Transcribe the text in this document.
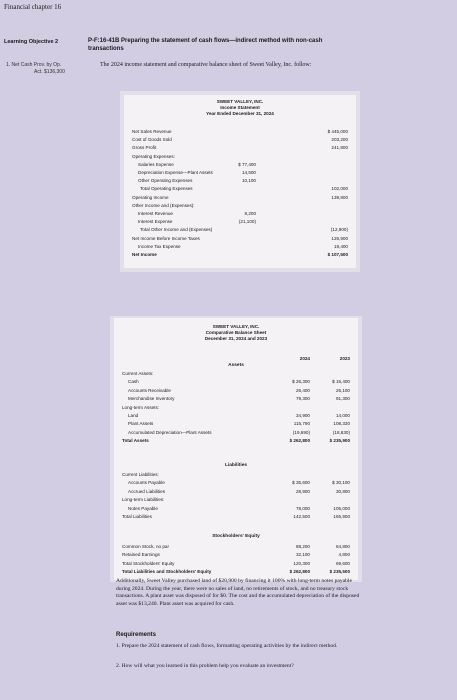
Financial chapter 16
Learning Objective 2	P-F:16-41B Preparing the statement of cash flows—indirect method with non-cash transactions
1. Net Cash Prov. by Op.
Act. $136,300
The 2024 income statement and comparative balance sheet of Sweet Valley, Inc. follow:
SWEET VALLEY, INC.
Income Statement
Year Ended December 31, 2024
Net Sales Revenue	$ 445,000
Cost of Goods Sold	203,200
Gross Profit	241,800
Operating Expenses:
Salaries Expense	$ 77,400
Depreciation Expense—Plant Assets	14,500
Other Operating Expenses	10,100
Total Operating Expenses	102,000
Operating Income	139,800
Other Income and (Expenses):
Interest Revenue	8,200
Interest Expense	(21,100)
Total Other Income and (Expenses)	(12,900)
Net Income Before Income Taxes	126,900
Income Tax Expense	19,400
Net Income	$ 107,500
SWEET VALLEY, INC.
Comparative Balance Sheet
December 31, 2024 and 2023
2024	2023
Assets
Current Assets:
Cash	$ 26,300	$ 15,400
Accounts Receivable	26,400	25,100
Merchandise Inventory	79,300	91,300
Long-term Assets:
Land	34,900	14,000
Plant Assets	115,790	108,330
Accumulated Depreciation—Plant Assets	(19,690)	(18,630)
Total Assets	$ 262,800	$ 235,900
Liabilities
Current Liabilities:
Accounts Payable	$ 35,600	$ 30,100
Accrued Liabilities	28,900	30,800
Long-term Liabilities:
Notes Payable	78,000	105,000
Total Liabilities	142,500	165,900
Stockholders' Equity
Common Stock, no par	88,200	64,800
Retained Earnings	32,100	4,800
Total Stockholders' Equity	120,300	69,600
Total Liabilities and Stockholders' Equity	$ 262,800	$ 235,500
Additionally, Sweet Valley purchased land of $20,900 by financing it 100% with long-term notes payable during 2024. During the year, there were no sales of land, no retirements of stock, and no treasury stock transactions. A plant asset was disposed of for $0. The cost and the accumulated depreciation of the disposed asset was $13,240. Plant asset was acquired for cash.
Requirements
1. Prepare the 2024 statement of cash flows, formatting operating activities by the indirect method.
2. How will what you learned in this problem help you evaluate an investment?
